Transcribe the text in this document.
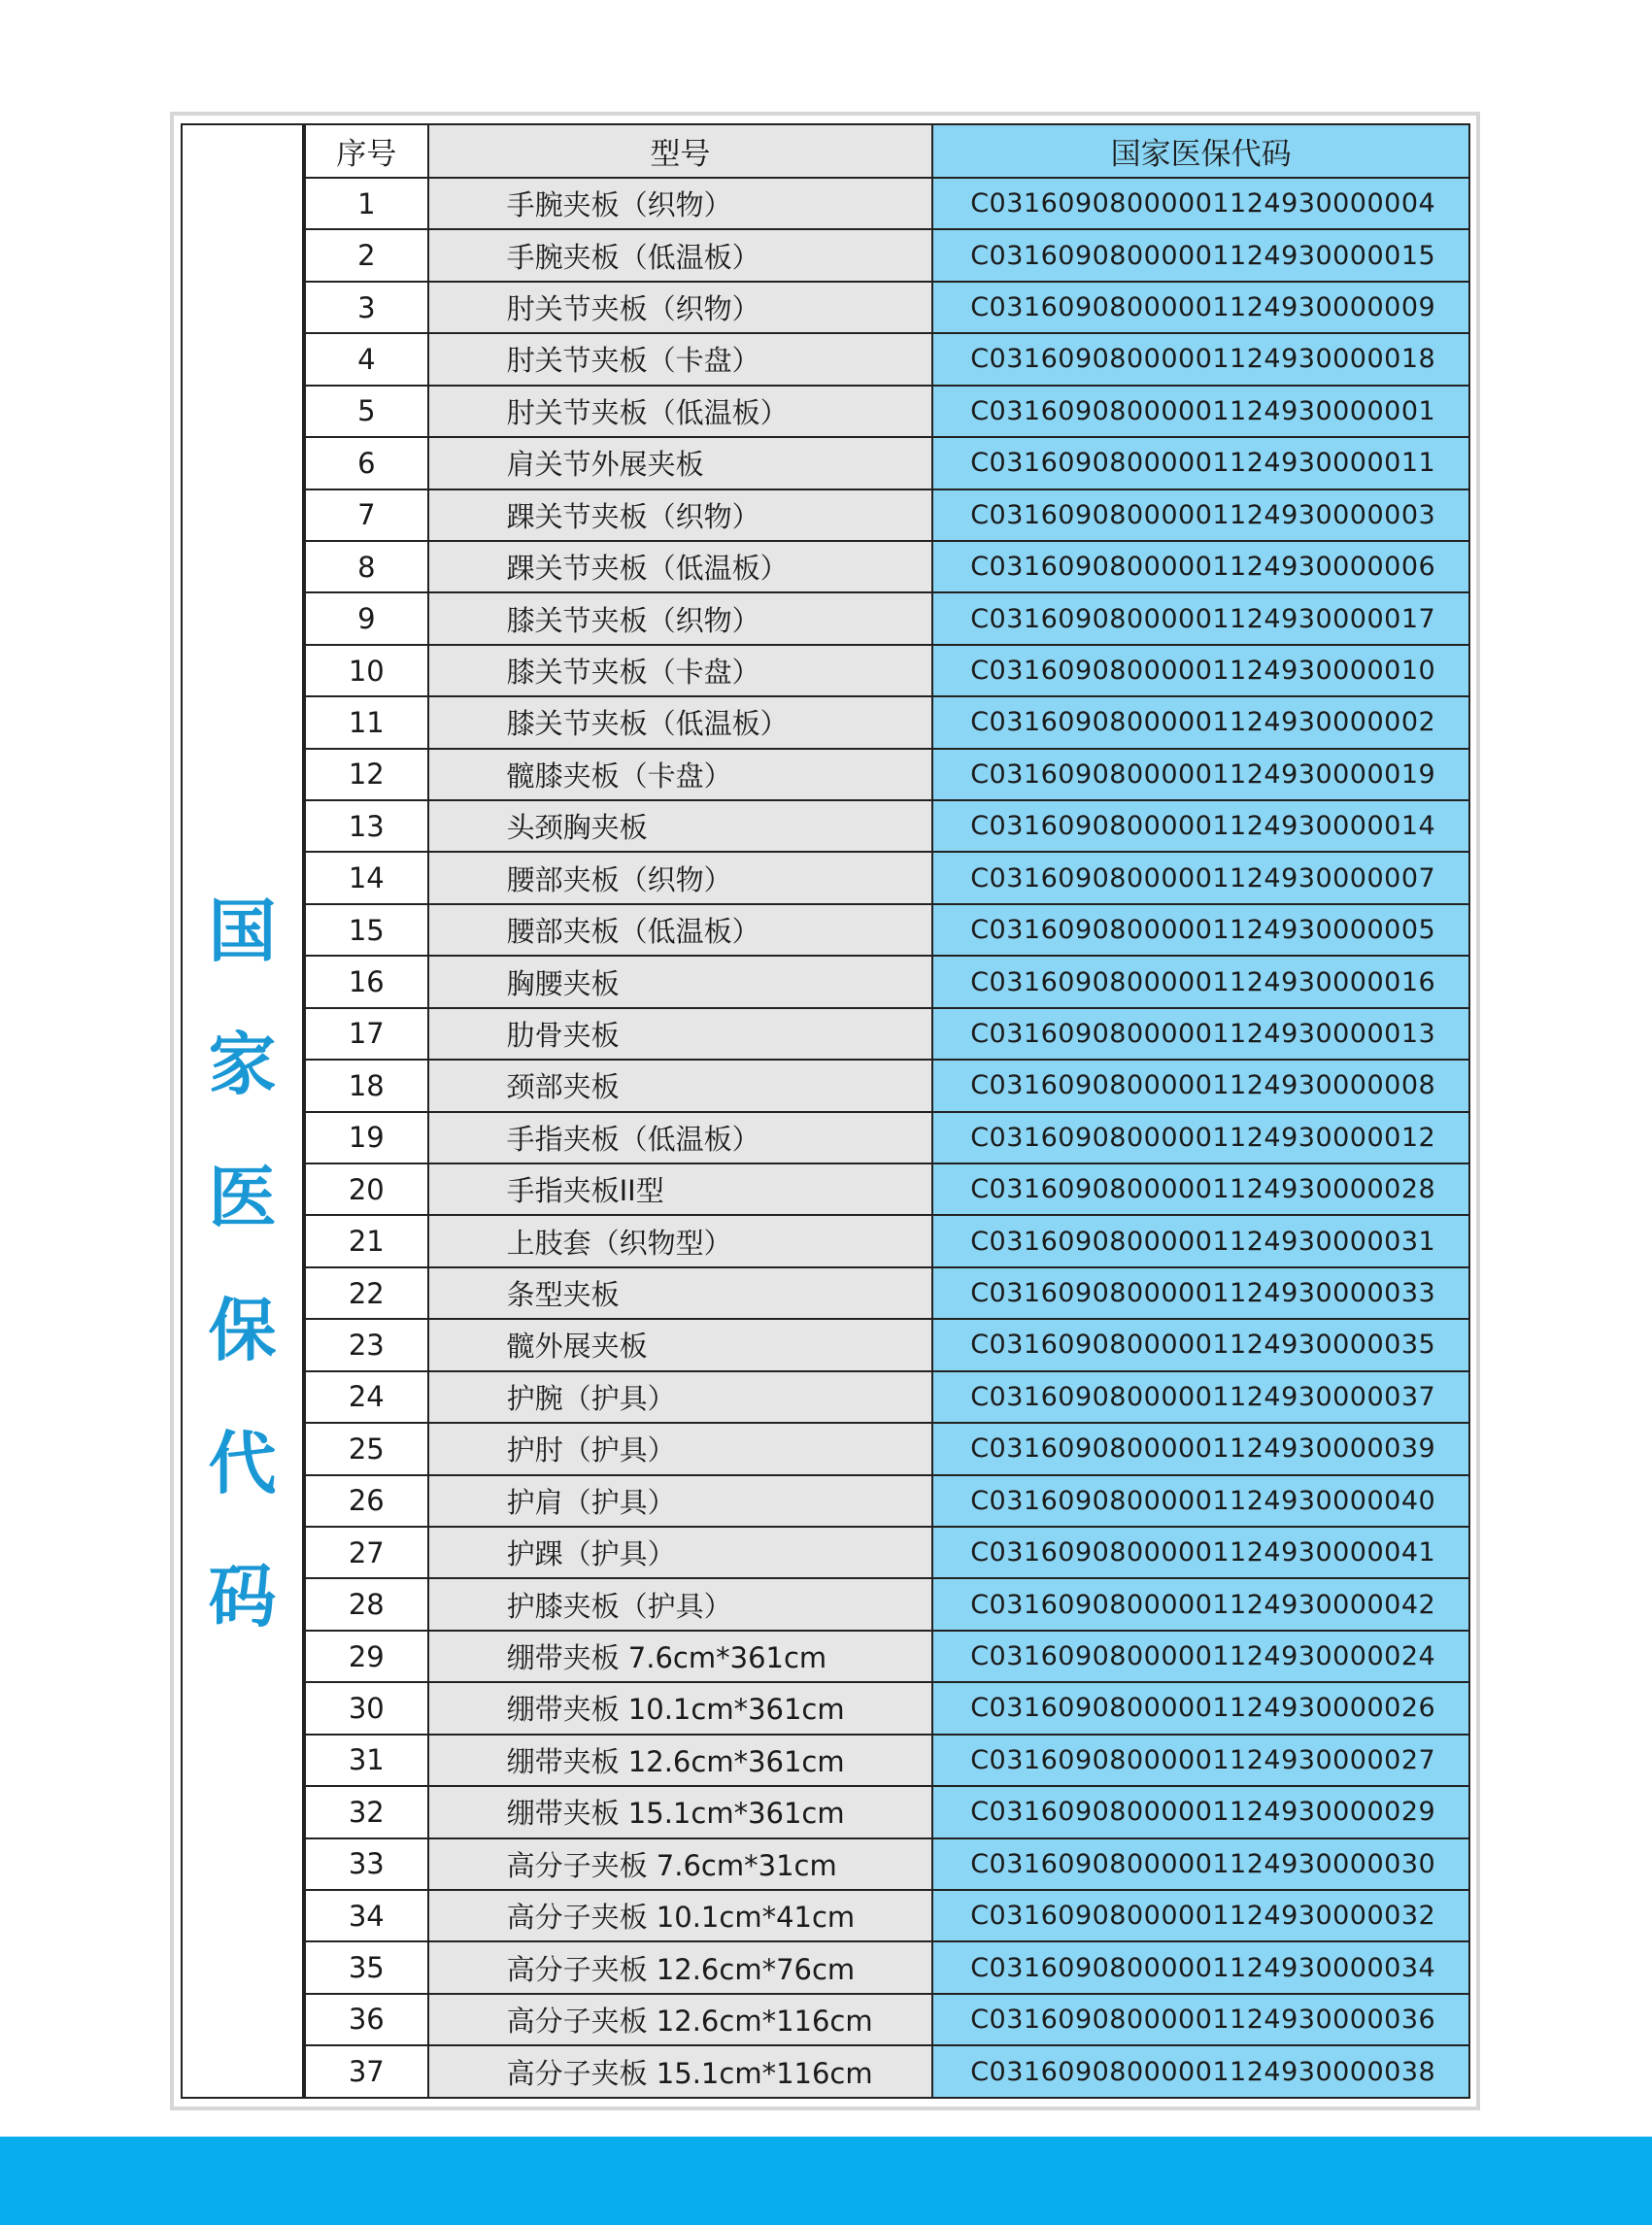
国
家
医
保
代
码
序号	型号	国家医保代码
1	手腕夹板（织物）	C03160908000001124930000004
2	手腕夹板（低温板）	C03160908000001124930000015
3	肘关节夹板（织物）	C03160908000001124930000009
4	肘关节夹板（卡盘）	C03160908000001124930000018
5	肘关节夹板（低温板）	C03160908000001124930000001
6	肩关节外展夹板	C03160908000001124930000011
7	踝关节夹板（织物）	C03160908000001124930000003
8	踝关节夹板（低温板）	C03160908000001124930000006
9	膝关节夹板（织物）	C03160908000001124930000017
10	膝关节夹板（卡盘）	C03160908000001124930000010
11	膝关节夹板（低温板）	C03160908000001124930000002
12	髋膝夹板（卡盘）	C03160908000001124930000019
13	头颈胸夹板	C03160908000001124930000014
14	腰部夹板（织物）	C03160908000001124930000007
15	腰部夹板（低温板）	C03160908000001124930000005
16	胸腰夹板	C03160908000001124930000016
17	肋骨夹板	C03160908000001124930000013
18	颈部夹板	C03160908000001124930000008
19	手指夹板（低温板）	C03160908000001124930000012
20	手指夹板II型	C03160908000001124930000028
21	上肢套（织物型）	C03160908000001124930000031
22	条型夹板	C03160908000001124930000033
23	髋外展夹板	C03160908000001124930000035
24	护腕（护具）	C03160908000001124930000037
25	护肘（护具）	C03160908000001124930000039
26	护肩（护具）	C03160908000001124930000040
27	护踝（护具）	C03160908000001124930000041
28	护膝夹板（护具）	C03160908000001124930000042
29	绷带夹板 7.6cm*361cm	C03160908000001124930000024
30	绷带夹板 10.1cm*361cm	C03160908000001124930000026
31	绷带夹板 12.6cm*361cm	C03160908000001124930000027
32	绷带夹板 15.1cm*361cm	C03160908000001124930000029
33	高分子夹板 7.6cm*31cm	C03160908000001124930000030
34	高分子夹板 10.1cm*41cm	C03160908000001124930000032
35	高分子夹板 12.6cm*76cm	C03160908000001124930000034
36	高分子夹板 12.6cm*116cm	C03160908000001124930000036
37	高分子夹板 15.1cm*116cm	C03160908000001124930000038
